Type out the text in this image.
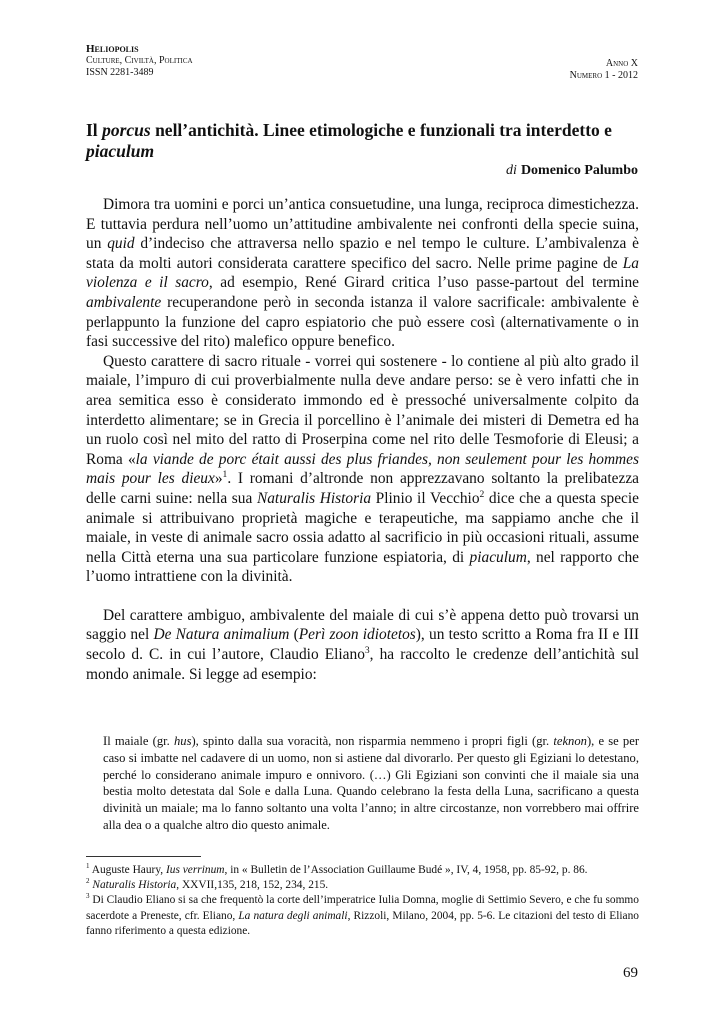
Heliopolis
Culture, Civiltà, Politica
ISSN 2281-3489
Anno X
Numero 1 - 2012
Il porcus nell’antichità. Linee etimologiche e funzionali tra interdetto e piaculum
di Domenico Palumbo

Dimora tra uomini e porci un’antica consuetudine, una lunga, reciproca dimestichezza. E tuttavia perdura nell’uomo un’attitudine ambivalente nei confronti della specie suina, un quid d’indeciso che attraversa nello spazio e nel tempo le culture. L’ambivalenza è stata da molti autori considerata carattere specifico del sacro. Nelle prime pagine de La violenza e il sacro, ad esempio, René Girard critica l’uso passe-partout del termine ambivalente recuperandone però in seconda istanza il valore sacrificale: ambivalente è perlappunto la funzione del capro espiatorio che può essere così (alternativamente o in fasi successive del rito) malefico oppure benefico.

Questo carattere di sacro rituale - vorrei qui sostenere - lo contiene al più alto grado il maiale, l’impuro di cui proverbialmente nulla deve andare perso: se è vero infatti che in area semitica esso è considerato immondo ed è pressoché universalmente colpito da interdetto alimentare; se in Grecia il porcellino è l’animale dei misteri di Demetra ed ha un ruolo così nel mito del ratto di Proserpina come nel rito delle Tesmoforie di Eleusi; a Roma «la viande de porc était aussi des plus friandes, non seulement pour les hommes mais pour les dieux»$^1$. I romani d’altronde non apprezzavano soltanto la prelibatezza delle carni suine: nella sua Naturalis Historia Plinio il Vecchio$^2$ dice che a questa specie animale si attribuivano proprietà magiche e terapeutiche, ma sappiamo anche che il maiale, in veste di animale sacro ossia adatto al sacrificio in più occasioni rituali, assume nella Città eterna una sua particolare funzione espiatoria, di piaculum, nel rapporto che l’uomo intrattiene con la divinità.

Del carattere ambiguo, ambivalente del maiale di cui s’è appena detto può trovarsi un saggio nel De Natura animalium (Perì zoon idiotetos), un testo scritto a Roma fra II e III secolo d. C. in cui l’autore, Claudio Eliano$^3$, ha raccolto le credenze dell’antichità sul mondo animale. Si legge ad esempio:

Il maiale (gr. hus), spinto dalla sua voracità, non risparmia nemmeno i propri figli (gr. teknon), e se per caso si imbatte nel cadavere di un uomo, non si astiene dal divorarlo. Per questo gli Egiziani lo detestano, perché lo considerano animale impuro e onnivoro. (…) Gli Egiziani son convinti che il maiale sia una bestia molto detestata dal Sole e dalla Luna. Quando celebrano la festa della Luna, sacrificano a questa divinità un maiale; ma lo fanno soltanto una volta l’anno; in altre circostanze, non vorrebbero mai offrire alla dea o a qualche altro dio questo animale.

$^1$ Auguste Haury, Ius verrinum, in « Bulletin de l’Association Guillaume Budé », IV, 4, 1958, pp. 85-92, p. 86.

$^2$ Naturalis Historia, XXVII,135, 218, 152, 234, 215.

$^3$ Di Claudio Eliano si sa che frequentò la corte dell’imperatrice Iulia Domna, moglie di Settimio Severo, e che fu sommo sacerdote a Preneste, cfr. Eliano, La natura degli animali, Rizzoli, Milano, 2004, pp. 5-6. Le citazioni del testo di Eliano fanno riferimento a questa edizione.

69
